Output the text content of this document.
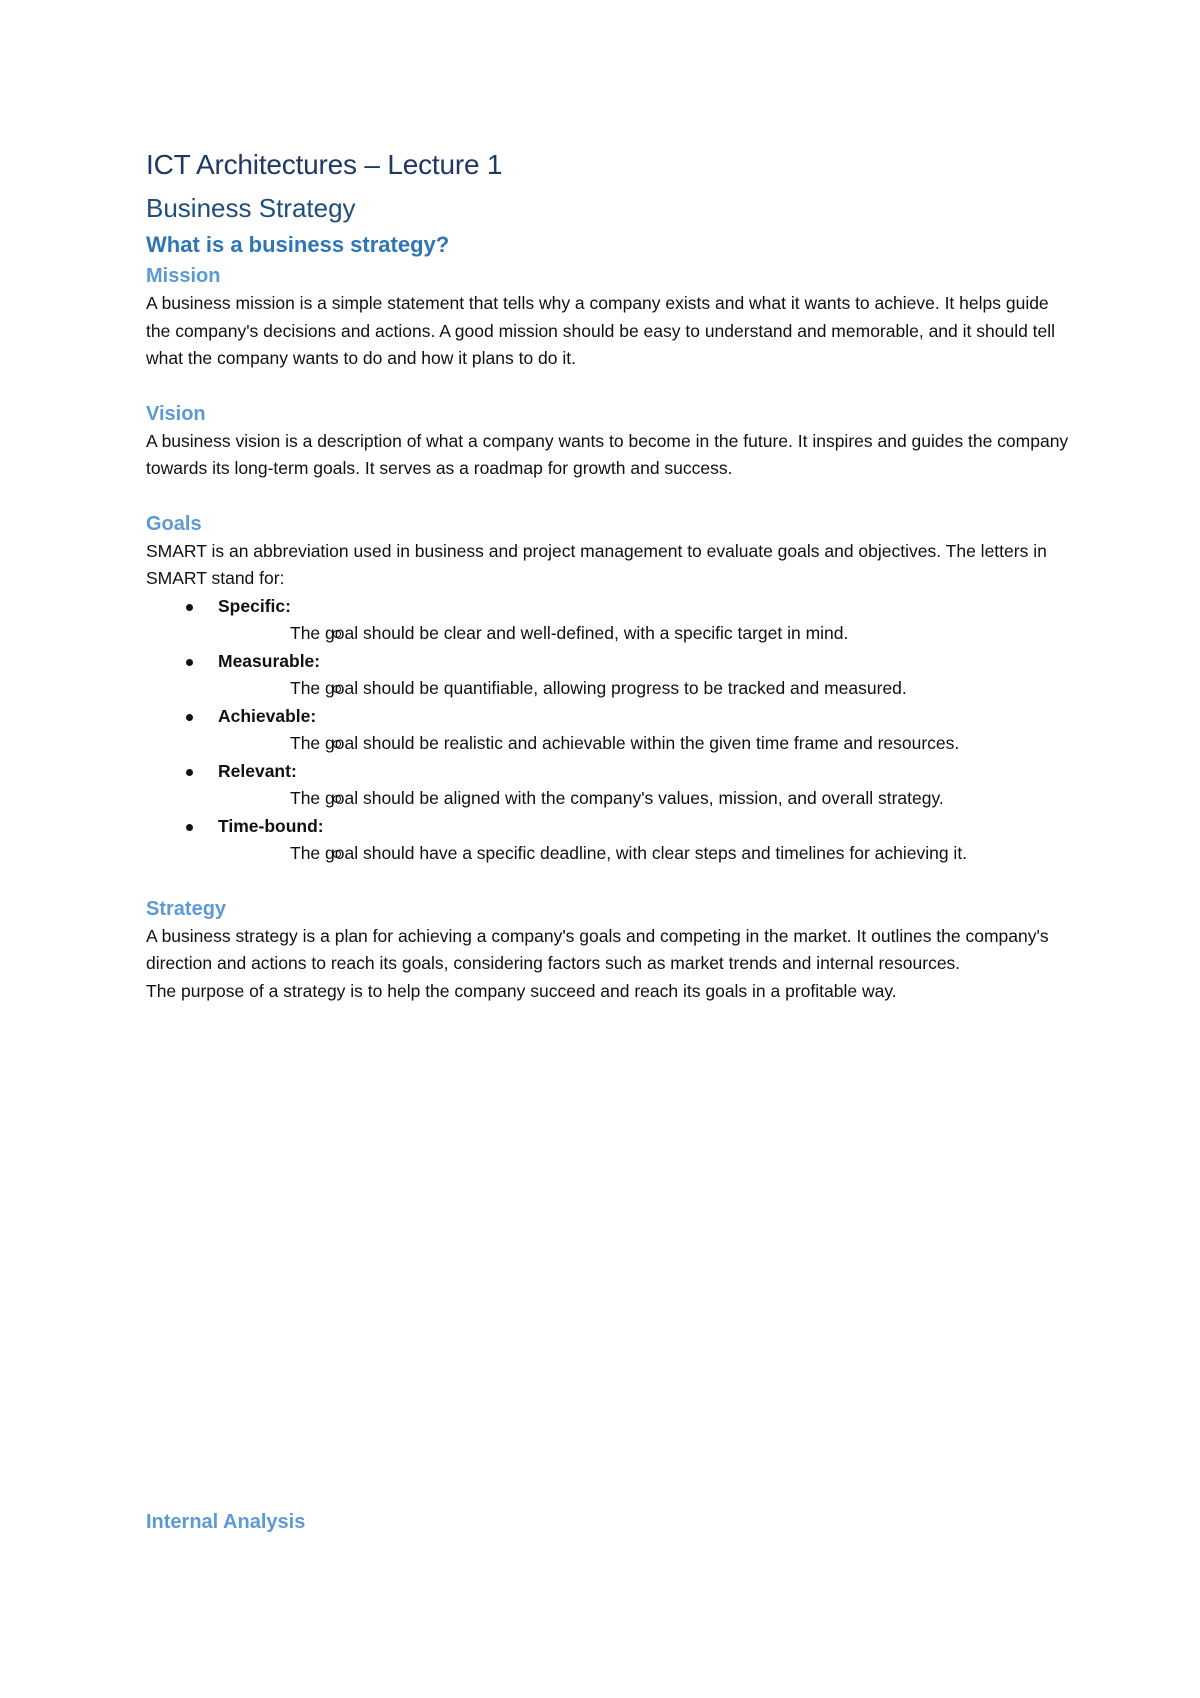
ICT Architectures – Lecture 1
Business Strategy
What is a business strategy?
Mission

A business mission is a simple statement that tells why a company exists and what it wants to achieve. It helps guide the company's decisions and actions. A good mission should be easy to understand and memorable, and it should tell what the company wants to do and how it plans to do it.

Vision

A business vision is a description of what a company wants to become in the future. It inspires and guides the company towards its long-term goals. It serves as a roadmap for growth and success.

Goals

SMART is an abbreviation used in business and project management to evaluate goals and objectives. The letters in SMART stand for:

Specific:
The goal should be clear and well-defined, with a specific target in mind.
Measurable:
The goal should be quantifiable, allowing progress to be tracked and measured.
Achievable:
The goal should be realistic and achievable within the given time frame and resources.
Relevant:
The goal should be aligned with the company's values, mission, and overall strategy.
Time-bound:
The goal should have a specific deadline, with clear steps and timelines for achieving it.
Strategy

A business strategy is a plan for achieving a company's goals and competing in the market. It outlines the company's direction and actions to reach its goals, considering factors such as market trends and internal resources.

The purpose of a strategy is to help the company succeed and reach its goals in a profitable way.

Internal Analysis
